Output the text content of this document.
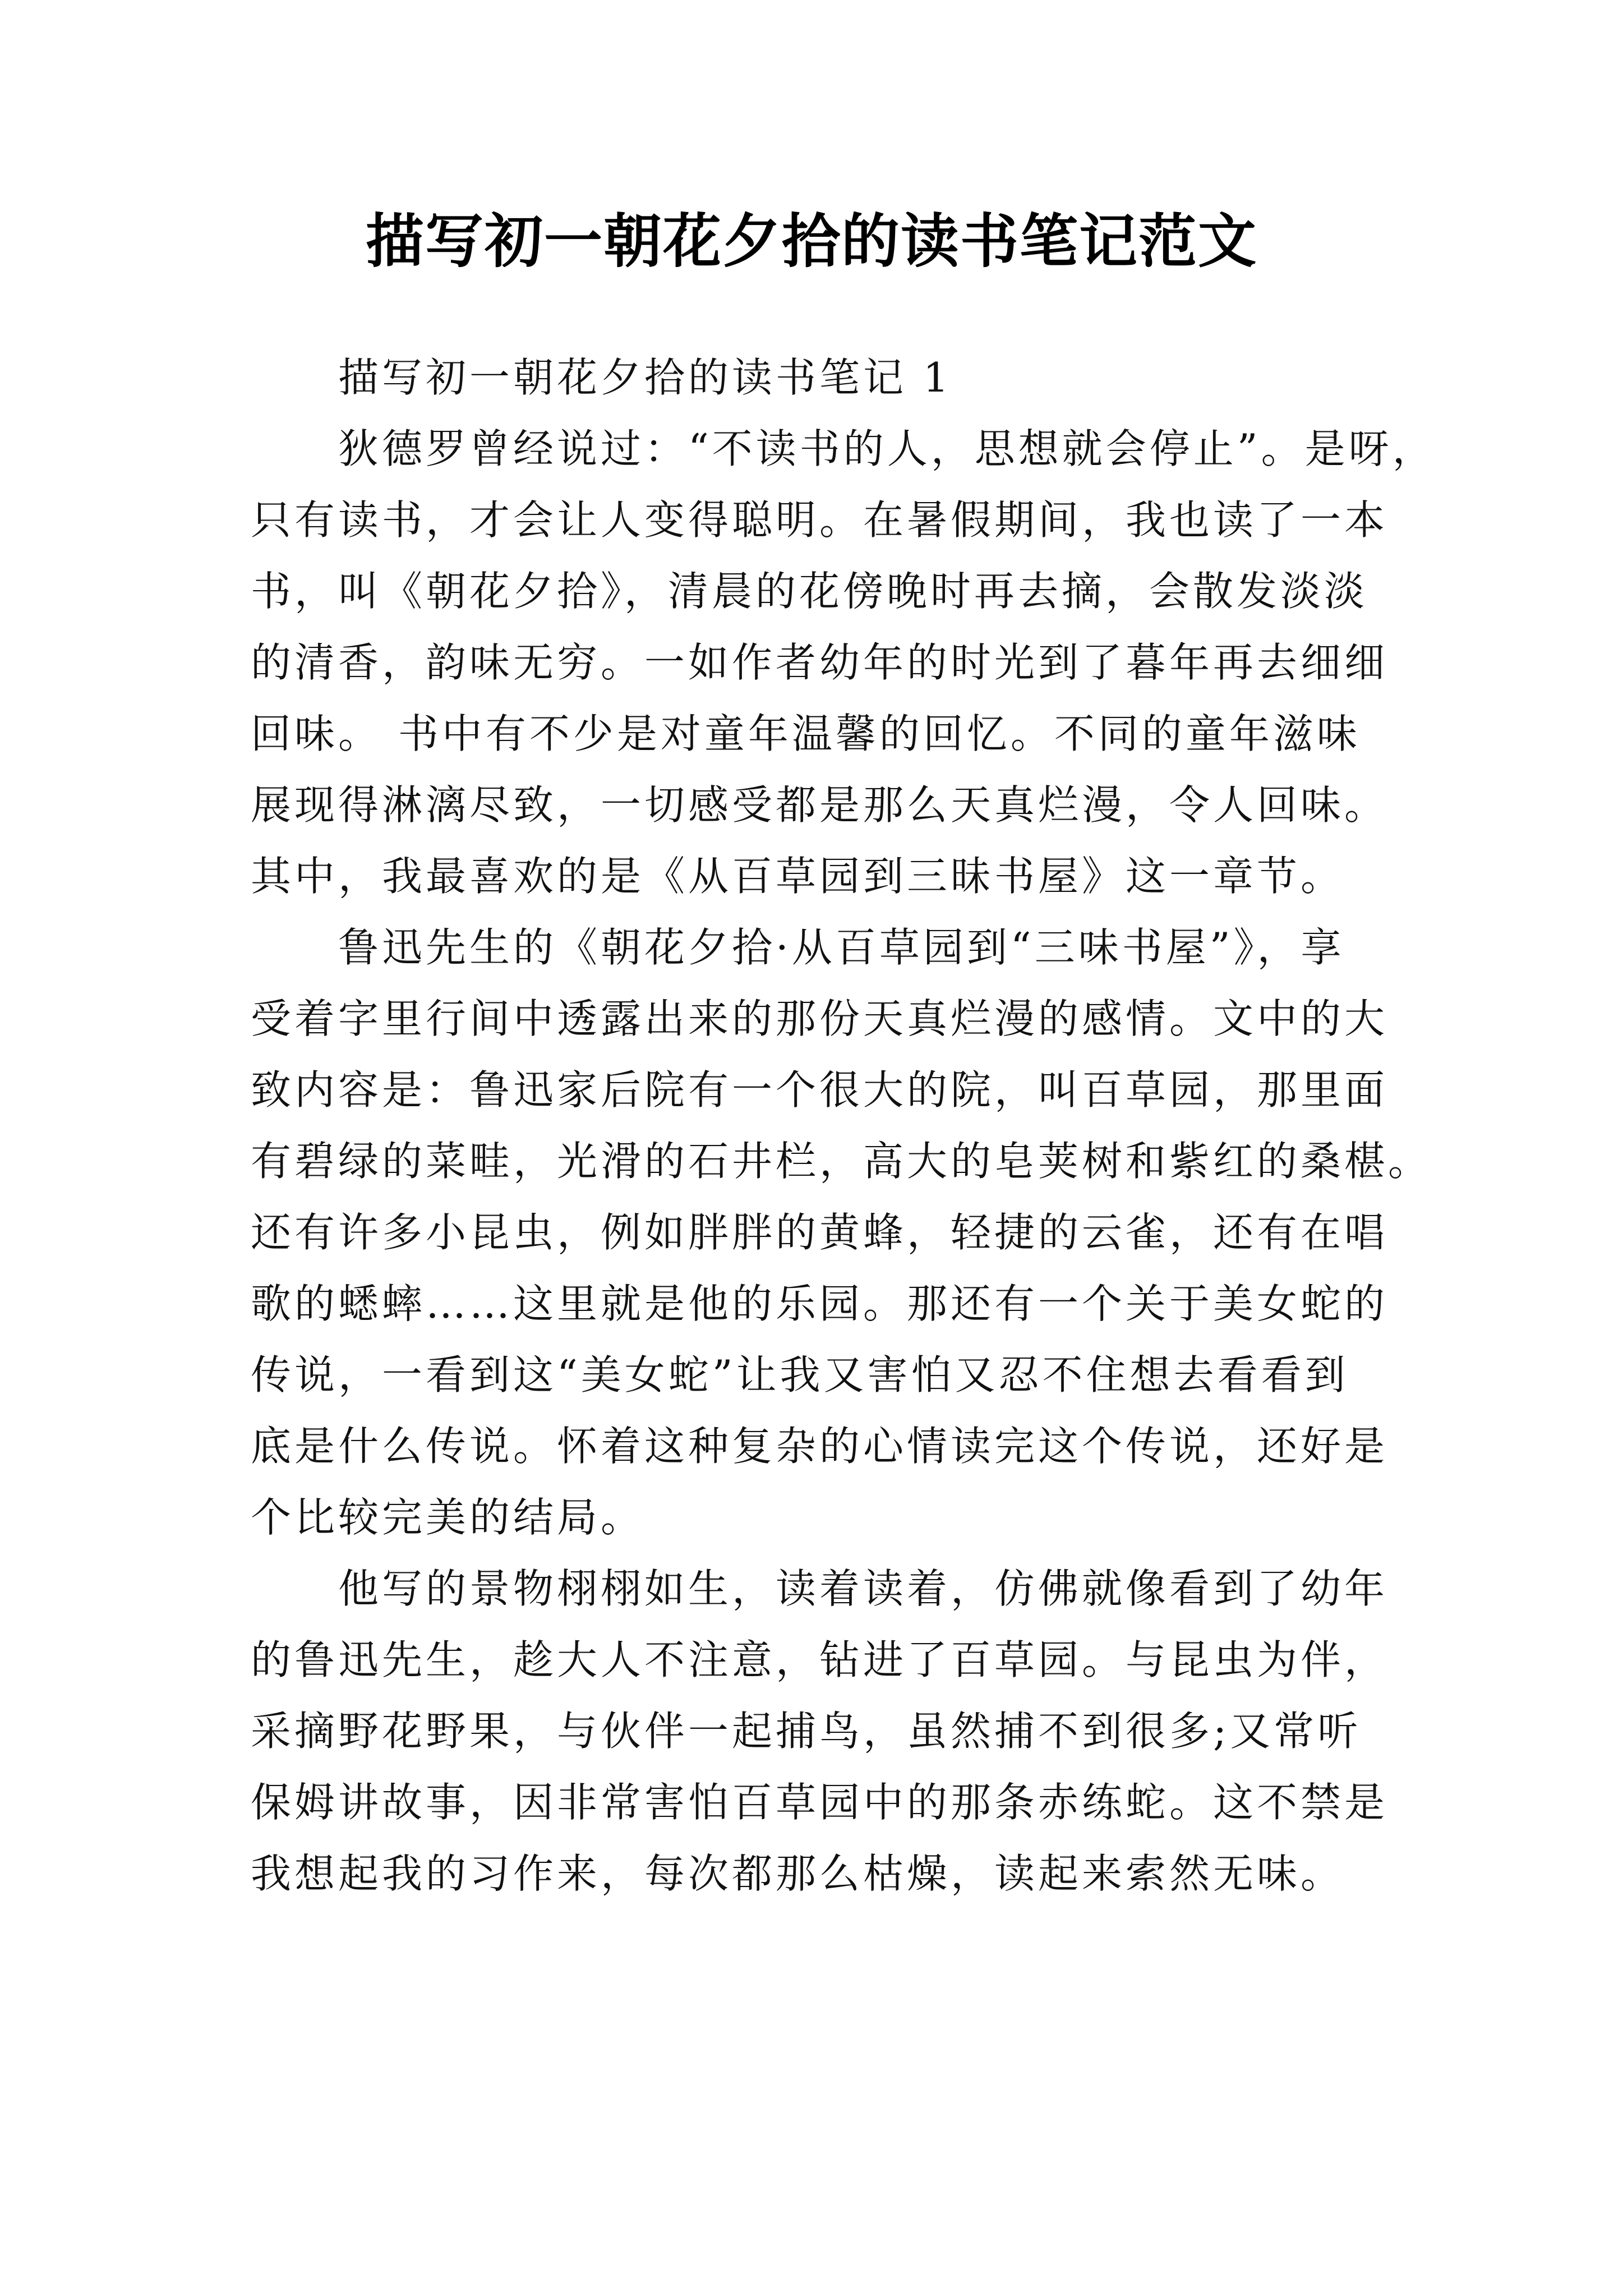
描写初一朝花夕拾的读书笔记范文
描写初一朝花夕拾的读书笔记 1
狄德罗曾经说过：“不读书的人，思想就会停止”。是呀，
只有读书，才会让人变得聪明。在暑假期间，我也读了一本
书，叫《朝花夕拾》，清晨的花傍晚时再去摘，会散发淡淡
的清香，韵味无穷。一如作者幼年的时光到了暮年再去细细
回味。 书中有不少是对童年温馨的回忆。不同的童年滋味
展现得淋漓尽致，一切感受都是那么天真烂漫，令人回味。
其中，我最喜欢的是《从百草园到三昧书屋》这一章节。
鲁迅先生的《朝花夕拾·从百草园到“三味书屋”》，享
受着字里行间中透露出来的那份天真烂漫的感情。文中的大
致内容是：鲁迅家后院有一个很大的院，叫百草园，那里面
有碧绿的菜畦，光滑的石井栏，高大的皂荚树和紫红的桑椹。
还有许多小昆虫，例如胖胖的黄蜂，轻捷的云雀，还有在唱
歌的蟋蟀……这里就是他的乐园。那还有一个关于美女蛇的
传说，一看到这“美女蛇”让我又害怕又忍不住想去看看到
底是什么传说。怀着这种复杂的心情读完这个传说，还好是
个比较完美的结局。
他写的景物栩栩如生，读着读着，仿佛就像看到了幼年
的鲁迅先生，趁大人不注意，钻进了百草园。与昆虫为伴，
采摘野花野果，与伙伴一起捕鸟，虽然捕不到很多;又常听
保姆讲故事，因非常害怕百草园中的那条赤练蛇。这不禁是
我想起我的习作来，每次都那么枯燥，读起来索然无味。
